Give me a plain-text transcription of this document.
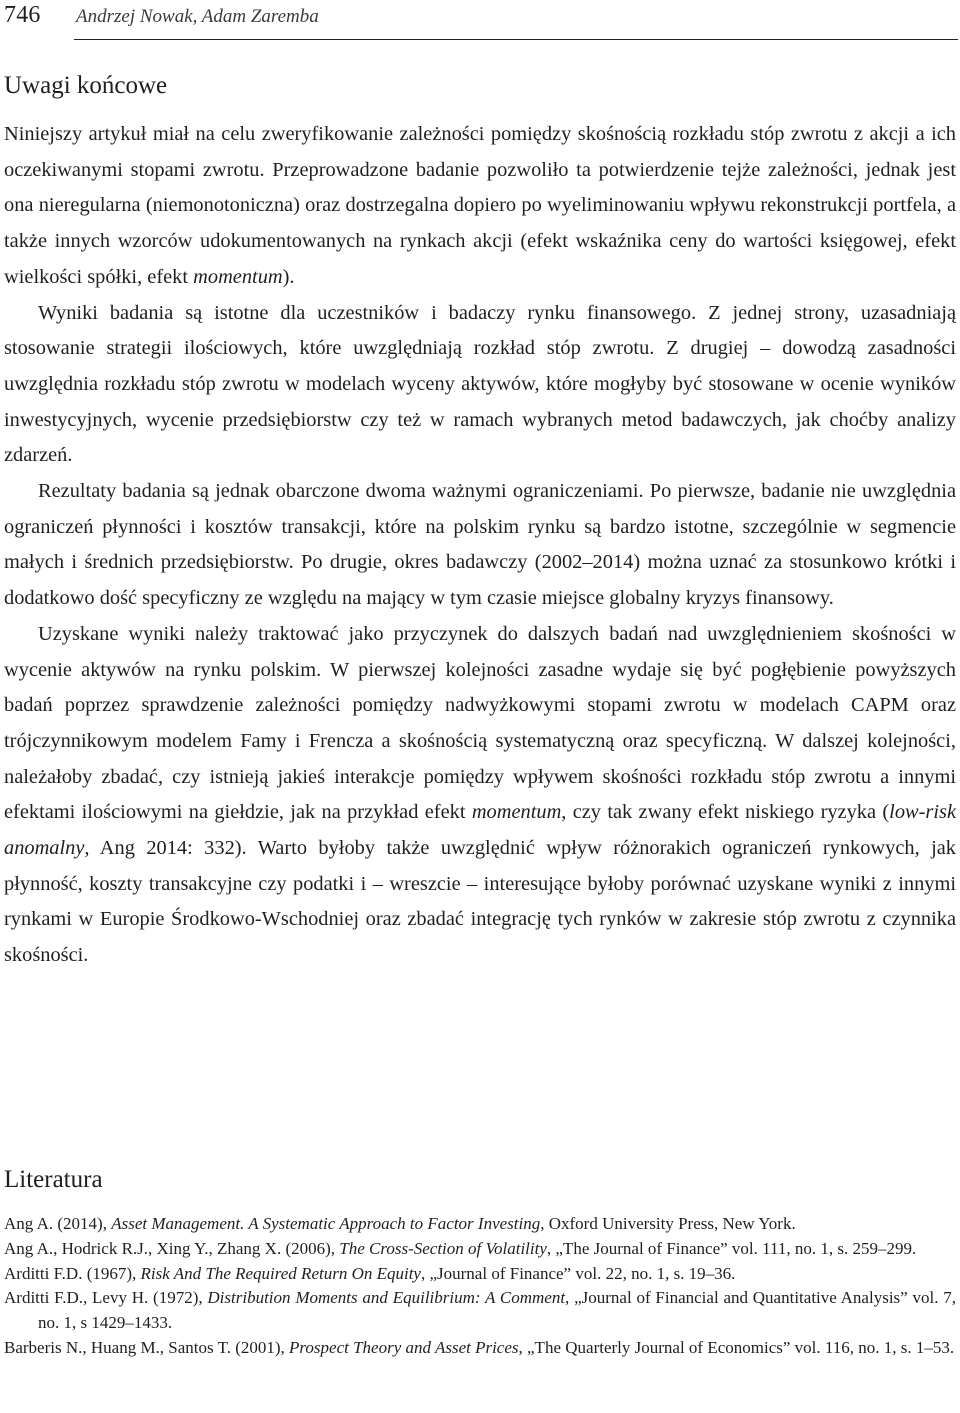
746 Andrzej Nowak, Adam Zaremba
Uwagi końcowe

Niniejszy artykuł miał na celu zweryfikowanie zależności pomiędzy skośnością rozkładu stóp zwrotu z akcji a ich oczekiwanymi stopami zwrotu. Przeprowadzone badanie pozwoliło ta potwierdzenie tejże zależności, jednak jest ona nieregularna (niemonotoniczna) oraz dostrzegalna dopiero po wyeliminowaniu wpływu rekonstrukcji portfela, a także innych wzorców udokumentowanych na rynkach akcji (efekt wskaźnika ceny do wartości księgowej, efekt wielkości spółki, efekt momentum).

Wyniki badania są istotne dla uczestników i badaczy rynku finansowego. Z jednej strony, uzasadniają stosowanie strategii ilościowych, które uwzględniają rozkład stóp zwrotu. Z drugiej – dowodzą zasadności uwzględnia rozkładu stóp zwrotu w modelach wyceny aktywów, które mogłyby być stosowane w ocenie wyników inwestycyjnych, wycenie przedsiębiorstw czy też w ramach wybranych metod badawczych, jak choćby analizy zdarzeń.

Rezultaty badania są jednak obarczone dwoma ważnymi ograniczeniami. Po pierwsze, badanie nie uwzględnia ograniczeń płynności i kosztów transakcji, które na polskim rynku są bardzo istotne, szczególnie w segmencie małych i średnich przedsiębiorstw. Po drugie, okres badawczy (2002–2014) można uznać za stosunkowo krótki i dodatkowo dość specyficzny ze względu na mający w tym czasie miejsce globalny kryzys finansowy.

Uzyskane wyniki należy traktować jako przyczynek do dalszych badań nad uwzględnieniem skośności w wycenie aktywów na rynku polskim. W pierwszej kolejności zasadne wydaje się być pogłębienie powyższych badań poprzez sprawdzenie zależności pomiędzy nadwyżkowymi stopami zwrotu w modelach CAPM oraz trójczynnikowym modelem Famy i Frencza a skośnością systematyczną oraz specyficzną. W dalszej kolejności, należałoby zbadać, czy istnieją jakieś interakcje pomiędzy wpływem skośności rozkładu stóp zwrotu a innymi efektami ilościowymi na giełdzie, jak na przykład efekt momentum, czy tak zwany efekt niskiego ryzyka (low-risk anomalny, Ang 2014: 332). Warto byłoby także uwzględnić wpływ różnorakich ograniczeń rynkowych, jak płynność, koszty transakcyjne czy podatki i – wreszcie – interesujące byłoby porównać uzyskane wyniki z innymi rynkami w Europie Środkowo-Wschodniej oraz zbadać integrację tych rynków w zakresie stóp zwrotu z czynnika skośności.

Literatura

Ang A. (2014), Asset Management. A Systematic Approach to Factor Investing, Oxford University Press, New York.

Ang A., Hodrick R.J., Xing Y., Zhang X. (2006), The Cross-Section of Volatility, „The Journal of Finance” vol. 111, no. 1, s. 259–299.

Arditti F.D. (1967), Risk And The Required Return On Equity, „Journal of Finance” vol. 22, no. 1, s. 19–36.

Arditti F.D., Levy H. (1972), Distribution Moments and Equilibrium: A Comment, „Journal of Financial and Quantitative Analysis” vol. 7, no. 1, s 1429–1433.

Barberis N., Huang M., Santos T. (2001), Prospect Theory and Asset Prices, „The Quarterly Journal of Economics” vol. 116, no. 1, s. 1–53.
